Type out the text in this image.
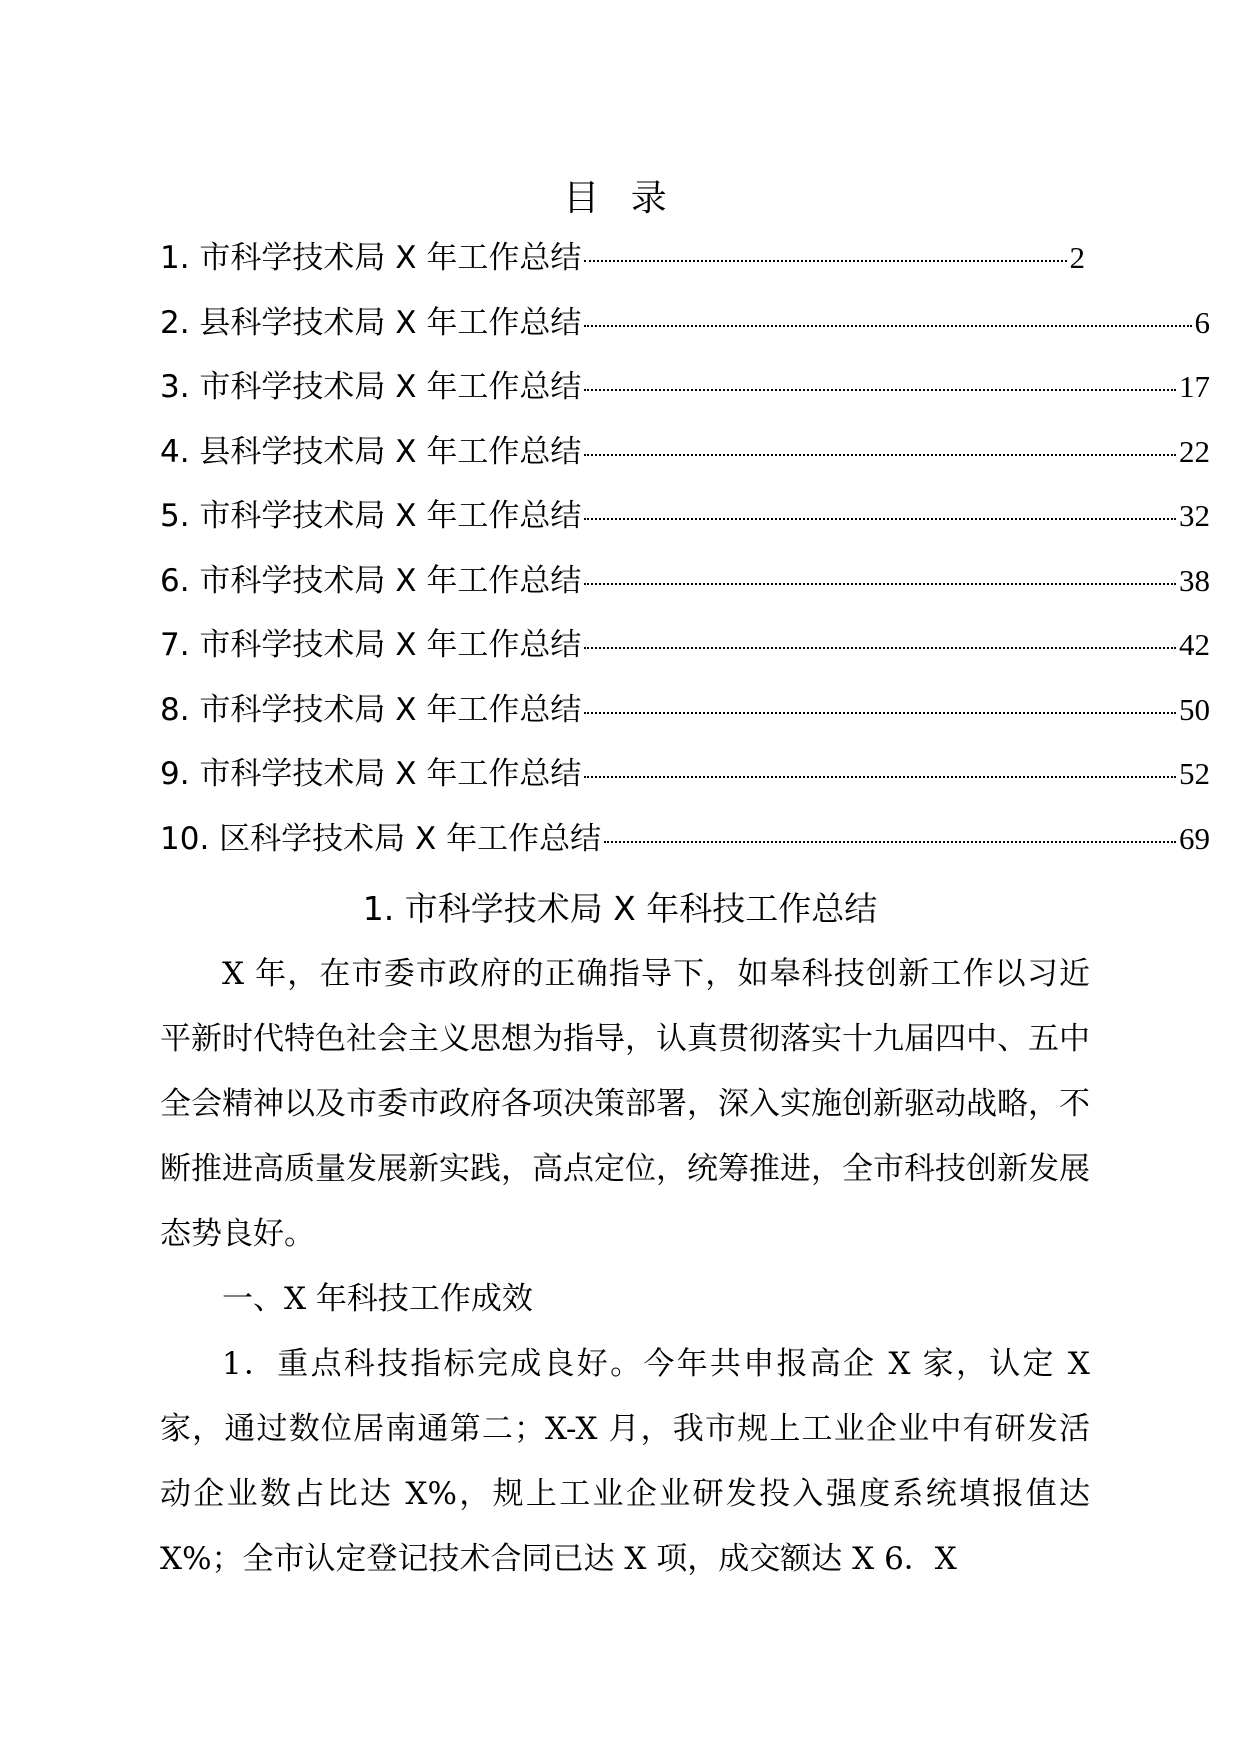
目 录
1. 市科学技术局 X 年工作总结	2
2. 县科学技术局 X 年工作总结	6
3. 市科学技术局 X 年工作总结	17
4. 县科学技术局 X 年工作总结	22
5. 市科学技术局 X 年工作总结	32
6. 市科学技术局 X 年工作总结	38
7. 市科学技术局 X 年工作总结	42
8. 市科学技术局 X 年工作总结	50
9. 市科学技术局 X 年工作总结	52
10. 区科学技术局 X 年工作总结	69
1. 市科学技术局 X 年科技工作总结

X 年，在市委市政府的正确指导下，如皋科技创新工作以习近平新时代特色社会主义思想为指导，认真贯彻落实十九届四中、五中全会精神以及市委市政府各项决策部署，深入实施创新驱动战略，不断推进高质量发展新实践，高点定位，统筹推进，全市科技创新发展态势良好。

一、X 年科技工作成效

1．重点科技指标完成良好。今年共申报高企 X 家，认定 X 家，通过数位居南通第二；X-X 月，我市规上工业企业中有研发活动企业数占比达 X%，规上工业企业研发投入强度系统填报值达 X%；全市认定登记技术合同已达 X 项，成交额达 X 6．X
